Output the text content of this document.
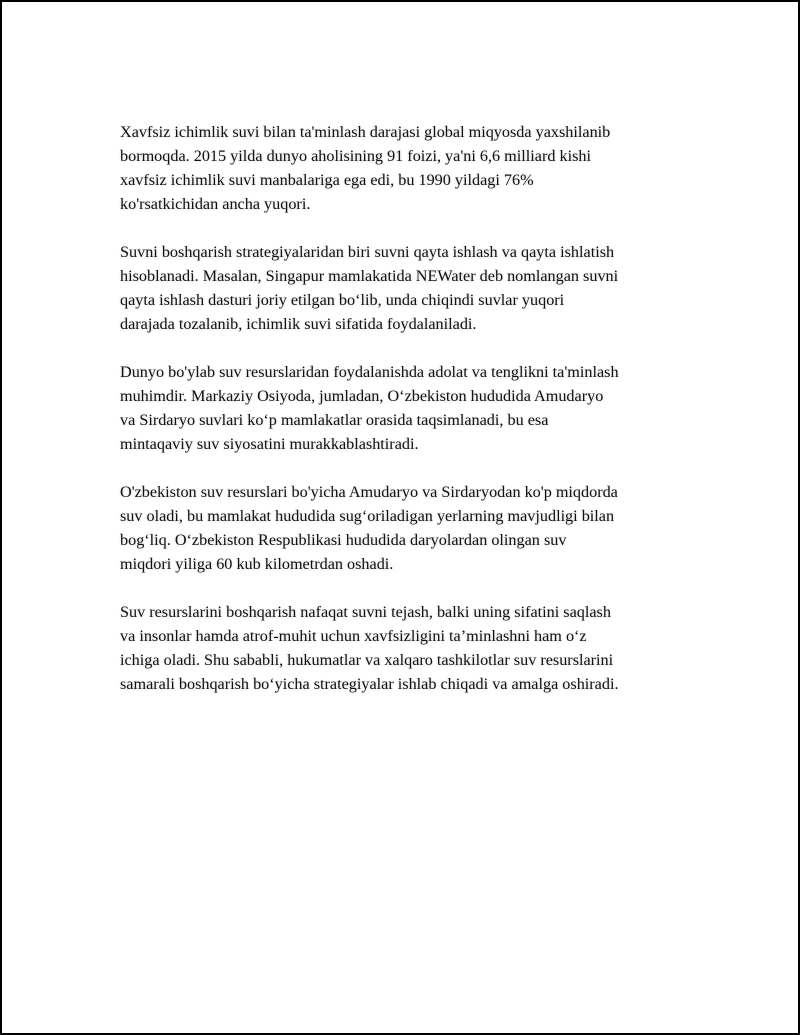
Xavfsiz ichimlik suvi bilan ta'minlash darajasi global miqyosda yaxshilanib
bormoqda. 2015 yilda dunyo aholisining 91 foizi, ya'ni 6,6 milliard kishi
xavfsiz ichimlik suvi manbalariga ega edi, bu 1990 yildagi 76%
ko'rsatkichidan ancha yuqori.

Suvni boshqarish strategiyalaridan biri suvni qayta ishlash va qayta ishlatish
hisoblanadi. Masalan, Singapur mamlakatida NEWater deb nomlangan suvni
qayta ishlash dasturi joriy etilgan bo‘lib, unda chiqindi suvlar yuqori
darajada tozalanib, ichimlik suvi sifatida foydalaniladi.

Dunyo bo'ylab suv resurslaridan foydalanishda adolat va tenglikni ta'minlash
muhimdir. Markaziy Osiyoda, jumladan, O‘zbekiston hududida Amudaryo
va Sirdaryo suvlari ko‘p mamlakatlar orasida taqsimlanadi, bu esa
mintaqaviy suv siyosatini murakkablashtiradi.

O'zbekiston suv resurslari bo'yicha Amudaryo va Sirdaryodan ko'p miqdorda
suv oladi, bu mamlakat hududida sug‘oriladigan yerlarning mavjudligi bilan
bog‘liq. O‘zbekiston Respublikasi hududida daryolardan olingan suv
miqdori yiliga 60 kub kilometrdan oshadi.

Suv resurslarini boshqarish nafaqat suvni tejash, balki uning sifatini saqlash
va insonlar hamda atrof-muhit uchun xavfsizligini ta’minlashni ham o‘z
ichiga oladi. Shu sababli, hukumatlar va xalqaro tashkilotlar suv resurslarini
samarali boshqarish bo‘yicha strategiyalar ishlab chiqadi va amalga oshiradi.
